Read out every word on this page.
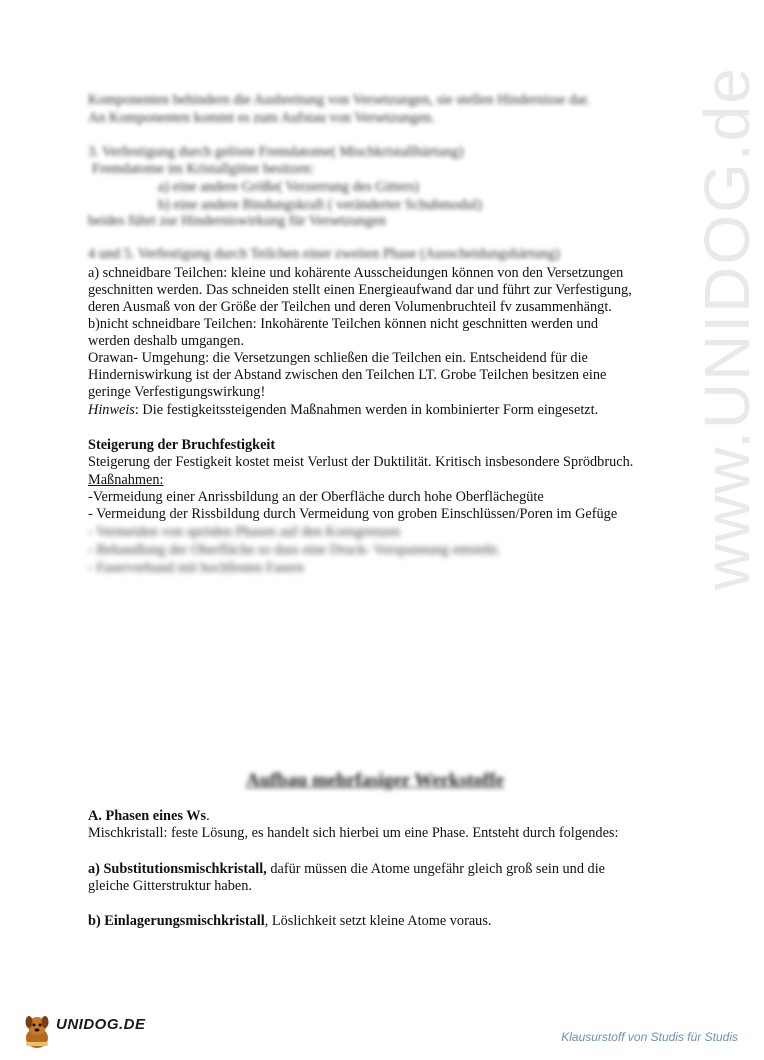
www.UNIDOG.de
Komponenten behindern die Ausbreitung von Versetzungen, sie stellen Hindernisse dar.
An Komponenten kommt es zum Aufstau von Versetzungen.
3. Verfestigung durch gelöste Fremdatome( Mischkristallhärtung)
Fremdatome im Kristallgitter besitzen:
a) eine andere Größe( Verzerrung des Gitters)
b) eine andere Bindungskraft ( veränderter Schubmodul)
beides führt zur Hinderniswirkung für Versetzungen
4 und 5. Verfestigung durch Teilchen einer zweiten Phase (Ausscheidungshärtung)
a) schneidbare Teilchen: kleine und kohärente Ausscheidungen können von den Versetzungen
geschnitten werden. Das schneiden stellt einen Energieaufwand dar und führt zur Verfestigung,
deren Ausmaß von der Größe der Teilchen und deren Volumenbruchteil fv zusammenhängt.
b)nicht schneidbare Teilchen: Inkohärente Teilchen können nicht geschnitten werden und
werden deshalb umgangen.
Orawan- Umgehung: die Versetzungen schließen die Teilchen ein. Entscheidend für die
Hinderniswirkung ist der Abstand zwischen den Teilchen LT. Grobe Teilchen besitzen eine
geringe Verfestigungswirkung!
Hinweis: Die festigkeitssteigenden Maßnahmen werden in kombinierter Form eingesetzt.
Steigerung der Bruchfestigkeit
Steigerung der Festigkeit kostet meist Verlust der Duktilität. Kritisch insbesondere Sprödbruch.
Maßnahmen:
-Vermeidung einer Anrissbildung an der Oberfläche durch hohe Oberflächegüte
- Vermeidung der Rissbildung durch Vermeidung von groben Einschlüssen/Poren im Gefüge
- Vermeiden von spröden Phasen auf den Korngrenzen
- Behandlung der Oberfläche so dass eine Druck- Vorspannung entsteht.
- Faserverbund mit hochfesten Fasern
Aufbau mehrfasiger Werkstoffe
A. Phasen eines Ws.
Mischkristall: feste Lösung, es handelt sich hierbei um eine Phase. Entsteht durch folgendes:
a) Substitutionsmischkristall, dafür müssen die Atome ungefähr gleich groß sein und die
gleiche Gitterstruktur haben.
b) Einlagerungsmischkristall, Löslichkeit setzt kleine Atome voraus.
UNIDOG.DE
Klausurstoff von Studis für Studis
